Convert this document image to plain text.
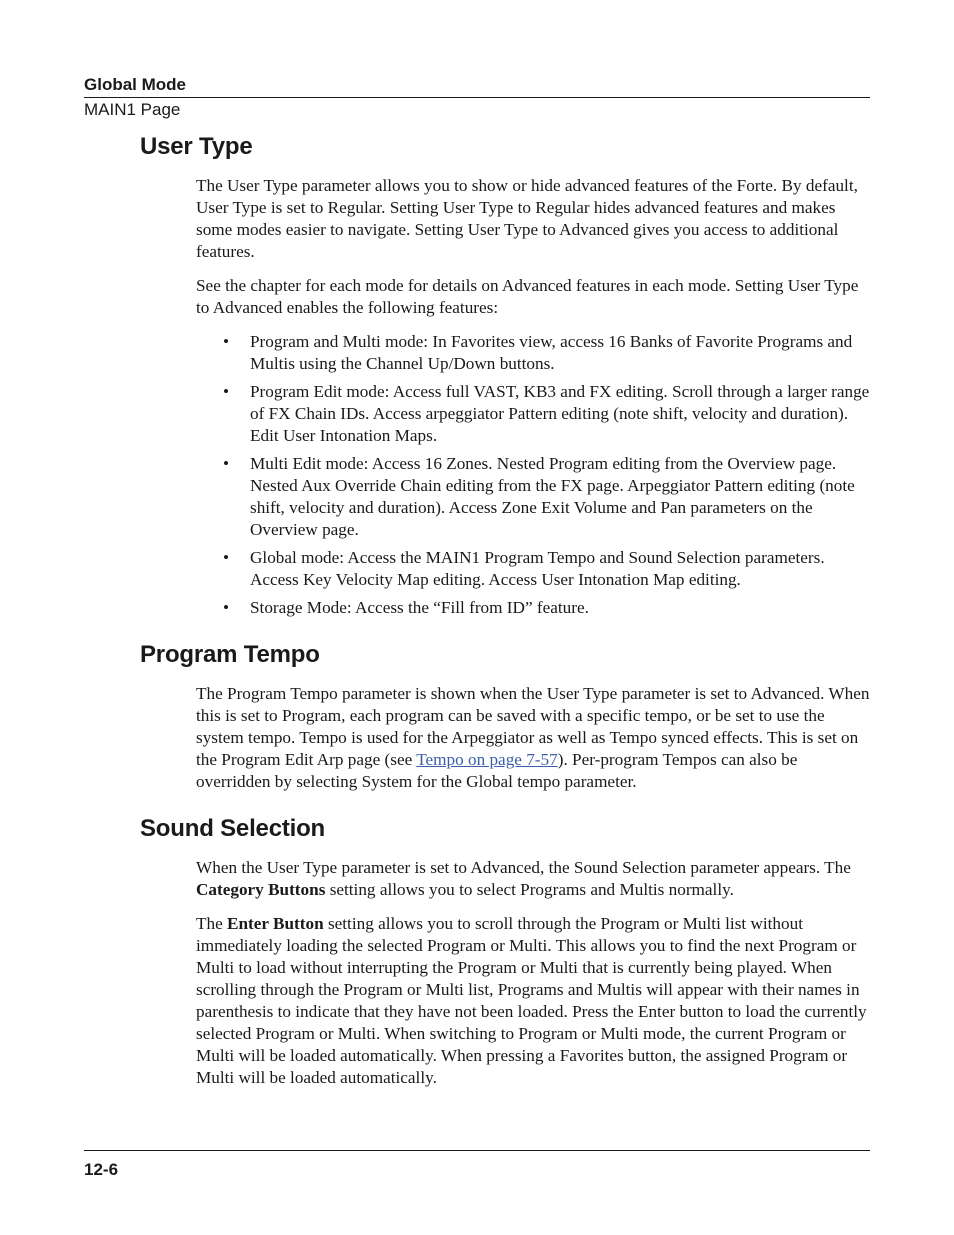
Global Mode
MAIN1 Page
User Type

The User Type parameter allows you to show or hide advanced features of the Forte. By default, User Type is set to Regular. Setting User Type to Regular hides advanced features and makes some modes easier to navigate. Setting User Type to Advanced gives you access to additional features.

See the chapter for each mode for details on Advanced features in each mode. Setting User Type to Advanced enables the following features:

• Program and Multi mode: In Favorites view, access 16 Banks of Favorite Programs and Multis using the Channel Up/Down buttons.
• Program Edit mode: Access full VAST, KB3 and FX editing. Scroll through a larger range of FX Chain IDs. Access arpeggiator Pattern editing (note shift, velocity and duration). Edit User Intonation Maps.
• Multi Edit mode: Access 16 Zones. Nested Program editing from the Overview page. Nested Aux Override Chain editing from the FX page. Arpeggiator Pattern editing (note shift, velocity and duration). Access Zone Exit Volume and Pan parameters on the Overview page.
• Global mode: Access the MAIN1 Program Tempo and Sound Selection parameters. Access Key Velocity Map editing. Access User Intonation Map editing.
• Storage Mode: Access the “Fill from ID” feature.
Program Tempo

The Program Tempo parameter is shown when the User Type parameter is set to Advanced. When this is set to Program, each program can be saved with a specific tempo, or be set to use the system tempo. Tempo is used for the Arpeggiator as well as Tempo synced effects. This is set on the Program Edit Arp page (see Tempo on page 7-57). Per-program Tempos can also be overridden by selecting System for the Global tempo parameter.

Sound Selection

When the User Type parameter is set to Advanced, the Sound Selection parameter appears. The Category Buttons setting allows you to select Programs and Multis normally.

The Enter Button setting allows you to scroll through the Program or Multi list without immediately loading the selected Program or Multi. This allows you to find the next Program or Multi to load without interrupting the Program or Multi that is currently being played. When scrolling through the Program or Multi list, Programs and Multis will appear with their names in parenthesis to indicate that they have not been loaded. Press the Enter button to load the currently selected Program or Multi. When switching to Program or Multi mode, the current Program or Multi will be loaded automatically. When pressing a Favorites button, the assigned Program or Multi will be loaded automatically.

12-6
